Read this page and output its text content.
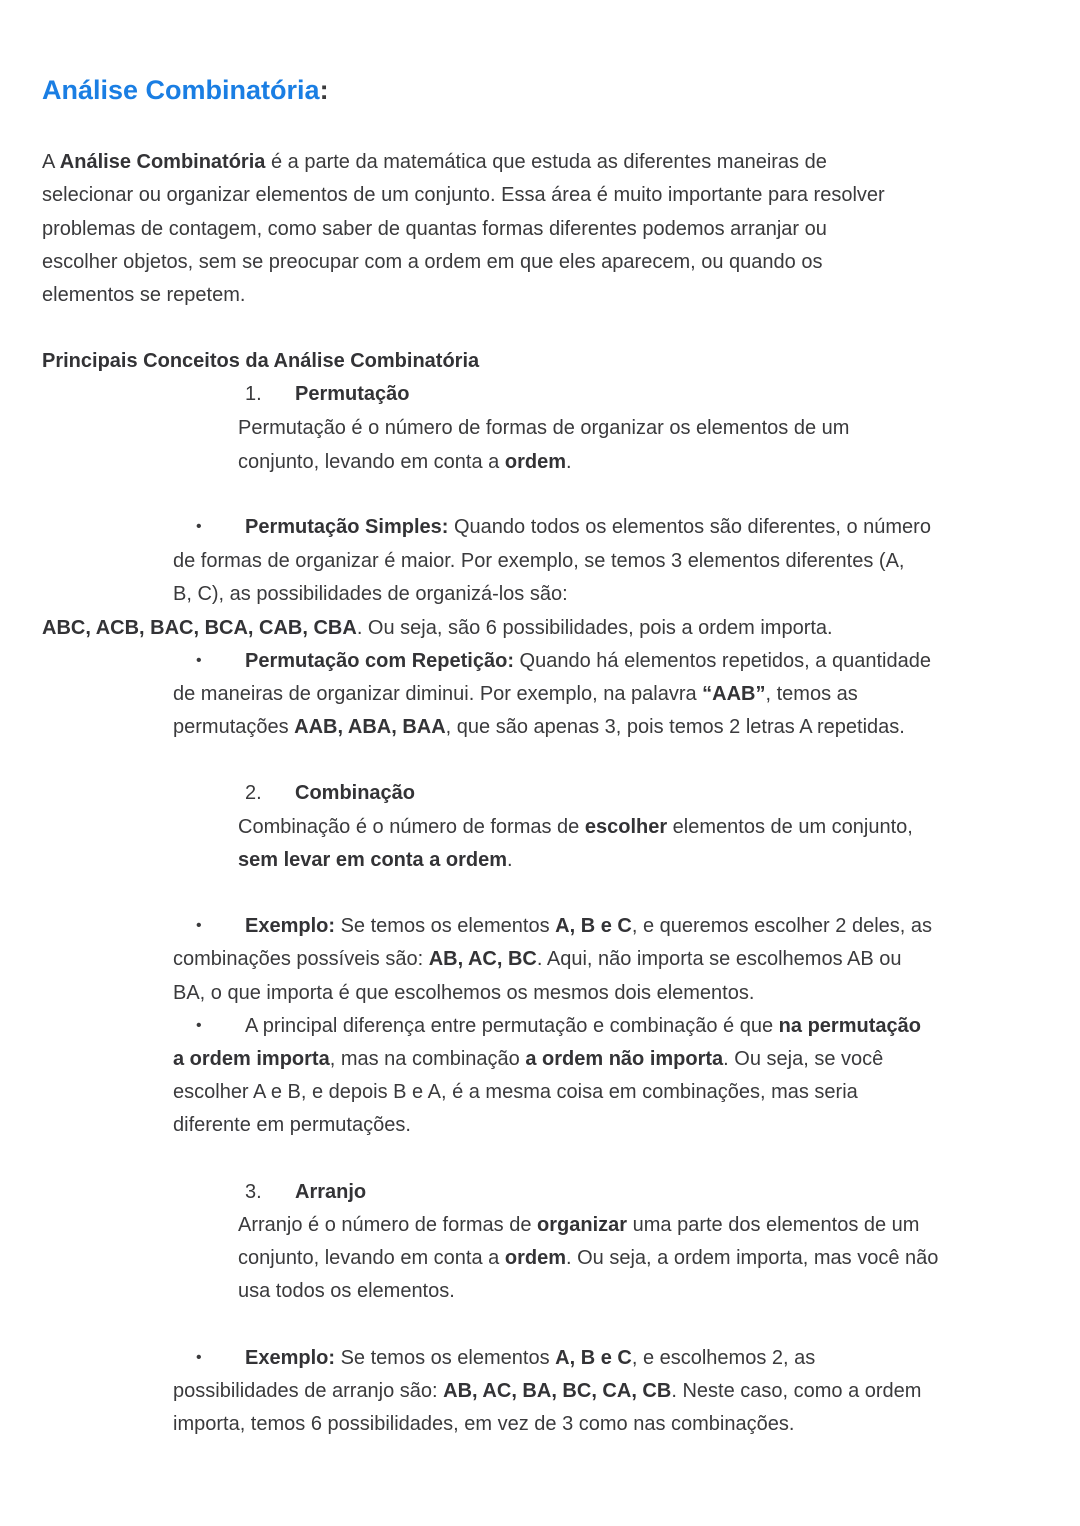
Análise Combinatória:
A Análise Combinatória é a parte da matemática que estuda as diferentes maneiras de
selecionar ou organizar elementos de um conjunto. Essa área é muito importante para resolver
problemas de contagem, como saber de quantas formas diferentes podemos arranjar ou
escolher objetos, sem se preocupar com a ordem em que eles aparecem, ou quando os
elementos se repetem.
Principais Conceitos da Análise Combinatória
1. Permutação
Permutação é o número de formas de organizar os elementos de um
conjunto, levando em conta a ordem.
• Permutação Simples: Quando todos os elementos são diferentes, o número
de formas de organizar é maior. Por exemplo, se temos 3 elementos diferentes (A,
B, C), as possibilidades de organizá-los são:
ABC, ACB, BAC, BCA, CAB, CBA. Ou seja, são 6 possibilidades, pois a ordem importa.
• Permutação com Repetição: Quando há elementos repetidos, a quantidade
de maneiras de organizar diminui. Por exemplo, na palavra “AAB”, temos as
permutações AAB, ABA, BAA, que são apenas 3, pois temos 2 letras A repetidas.
2. Combinação
Combinação é o número de formas de escolher elementos de um conjunto,
sem levar em conta a ordem.
• Exemplo: Se temos os elementos A, B e C, e queremos escolher 2 deles, as
combinações possíveis são: AB, AC, BC. Aqui, não importa se escolhemos AB ou
BA, o que importa é que escolhemos os mesmos dois elementos.
• A principal diferença entre permutação e combinação é que na permutação
a ordem importa, mas na combinação a ordem não importa. Ou seja, se você
escolher A e B, e depois B e A, é a mesma coisa em combinações, mas seria
diferente em permutações.
3. Arranjo
Arranjo é o número de formas de organizar uma parte dos elementos de um
conjunto, levando em conta a ordem. Ou seja, a ordem importa, mas você não
usa todos os elementos.
• Exemplo: Se temos os elementos A, B e C, e escolhemos 2, as
possibilidades de arranjo são: AB, AC, BA, BC, CA, CB. Neste caso, como a ordem
importa, temos 6 possibilidades, em vez de 3 como nas combinações.
